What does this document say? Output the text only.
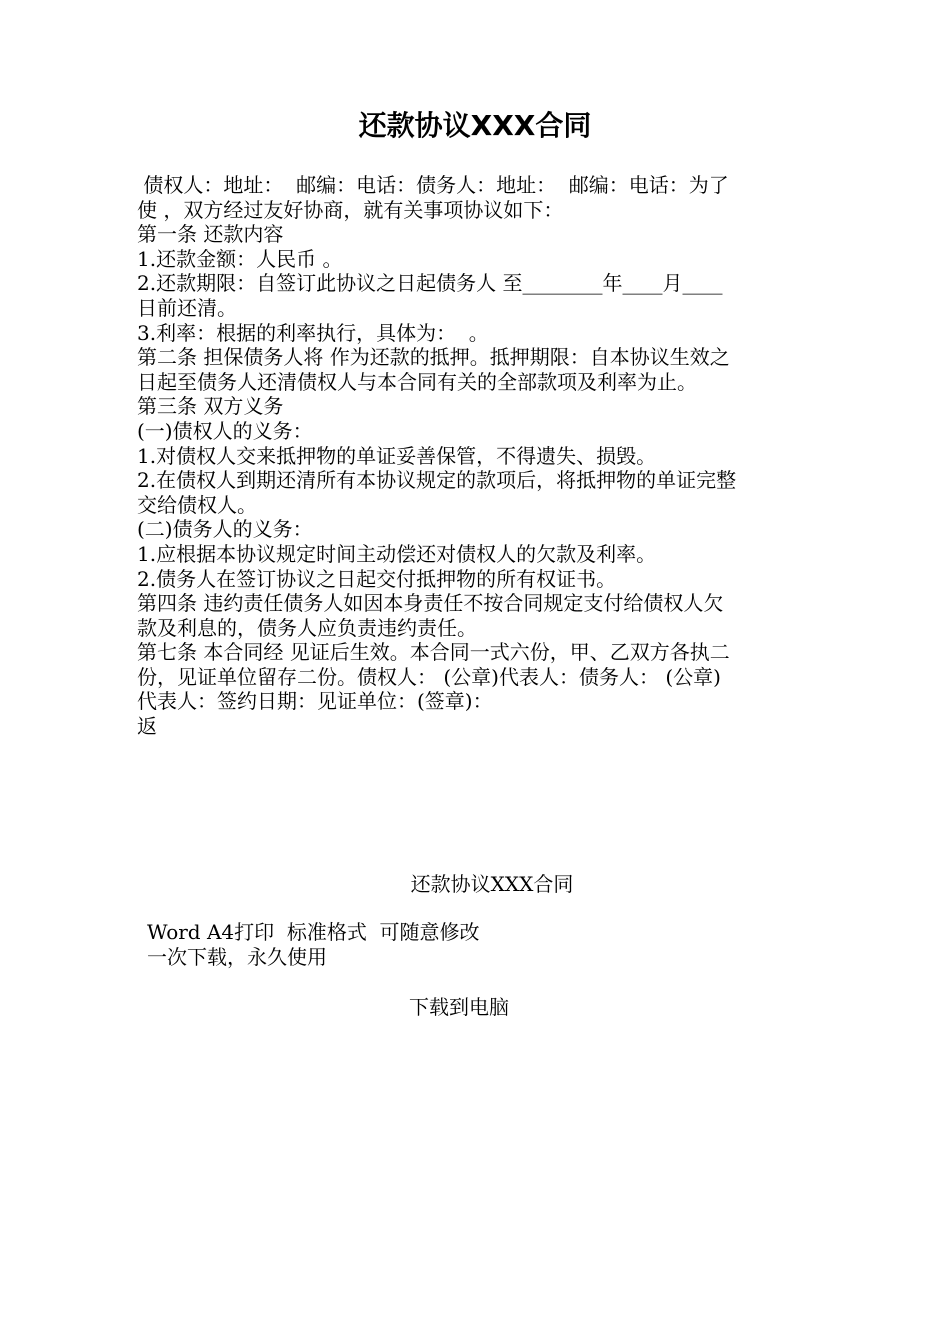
还款协议XXX合同
债权人：地址：  邮编：电话：债务人：地址：  邮编：电话：为了
使 ，双方经过友好协商，就有关事项协议如下：
第一条 还款内容
1.还款金额：人民币 。
2.还款期限：自签订此协议之日起债务人 至________年____月____
日前还清。
3.利率：根据的利率执行，具体为：  。
第二条 担保债务人将 作为还款的抵押。抵押期限：自本协议生效之
日起至债务人还清债权人与本合同有关的全部款项及利率为止。
第三条 双方义务
(一)债权人的义务：
1.对债权人交来抵押物的单证妥善保管，不得遗失、损毁。
2.在债权人到期还清所有本协议规定的款项后，将抵押物的单证完整
交给债权人。
(二)债务人的义务：
1.应根据本协议规定时间主动偿还对债权人的欠款及利率。
2.债务人在签订协议之日起交付抵押物的所有权证书。
第四条 违约责任债务人如因本身责任不按合同规定支付给债权人欠
款及利息的，债务人应负责违约责任。
第七条 本合同经 见证后生效。本合同一式六份，甲、乙双方各执二
份，见证单位留存二份。债权人： (公章)代表人：债务人： (公章)
代表人：签约日期：见证单位：(签章)：
返

还款协议XXX合同

Word A4打印  标准格式  可随意修改

一次下载，永久使用

下载到电脑
